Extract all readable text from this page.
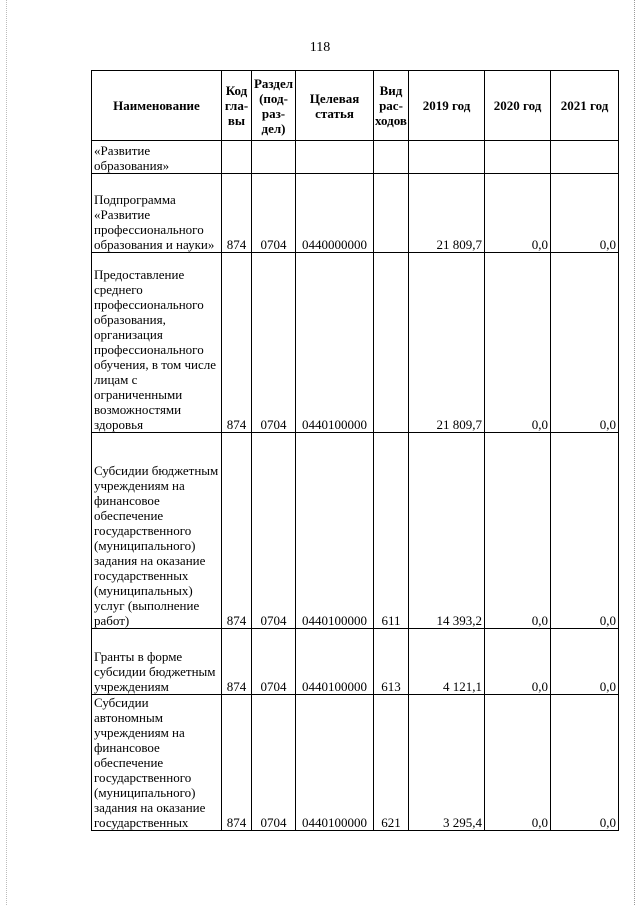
118
Наименование	Код гла- вы	Раздел (под- раз- дел)	Целевая статья	Вид рас- ходов	2019 год	2020 год	2021 год
«Развитие образования»							
Подпрограмма «Развитие профессионального образования и науки»	874	0704	0440000000		21 809,7	0,0	0,0
Предоставление среднего профессионального образования, организация профессионального обучения, в том числе лицам с ограниченными возможностями здоровья	874	0704	0440100000		21 809,7	0,0	0,0
Субсидии бюджетным учреждениям на финансовое обеспечение государственного (муниципального) задания на оказание государственных (муниципальных) услуг (выполнение работ)	874	0704	0440100000	611	14 393,2	0,0	0,0
Гранты в форме субсидии бюджетным учреждениям	874	0704	0440100000	613	4 121,1	0,0	0,0
Субсидии автономным учреждениям на финансовое обеспечение государственного (муниципального) задания на оказание государственных	874	0704	0440100000	621	3 295,4	0,0	0,0
